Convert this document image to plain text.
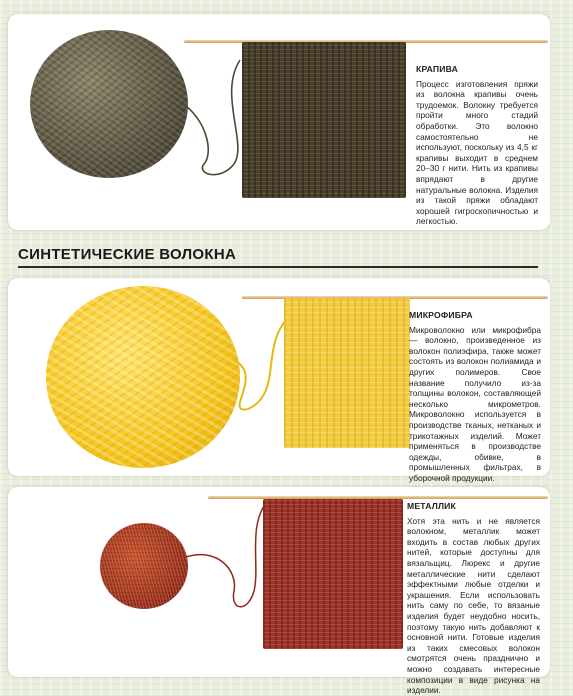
КРАПИВА
Процесс изготовления пряжи из волокна крапивы очень трудоемок. Волокну требуется пройти много стадий обработки. Это волокно самостоятельно не используют, поскольку из 4,5 кг крапивы выходит в среднем 20–30 г нити. Нить из крапивы впрядают в другие натуральные волокна. Изделия из такой пряжи обладают хорошей гигроскопичностью и легкостью.
СИНТЕТИЧЕСКИЕ ВОЛОКНА
МИКРОФИБРА
Микроволокно или микрофибра — волокно, произведенное из волокон полиэфира, также может состоять из волокон полиамида и других полимеров. Свое название получило из-за толщины волокон, составляющей несколько микрометров. Микроволокно используется в производстве тканых, нетканых и трикотажных изделий. Может применяться в производстве одежды, обивке, в промышленных фильтрах, в уборочной продукции.
МЕТАЛЛИК
Хотя эта нить и не является волокном, металлик может входить в состав любых других нитей, которые доступны для вязальщиц. Люрекс и другие металлические нити сделают эффектными любые отделки и украшения. Если использовать нить саму по себе, то вязаные изделия будет неудобно носить, поэтому такую нить добавляют к основной нити. Готовые изделия из таких смесовых волокон смотрятся очень празднично и можно создавать интересные композиции в виде рисунка на изделии.
